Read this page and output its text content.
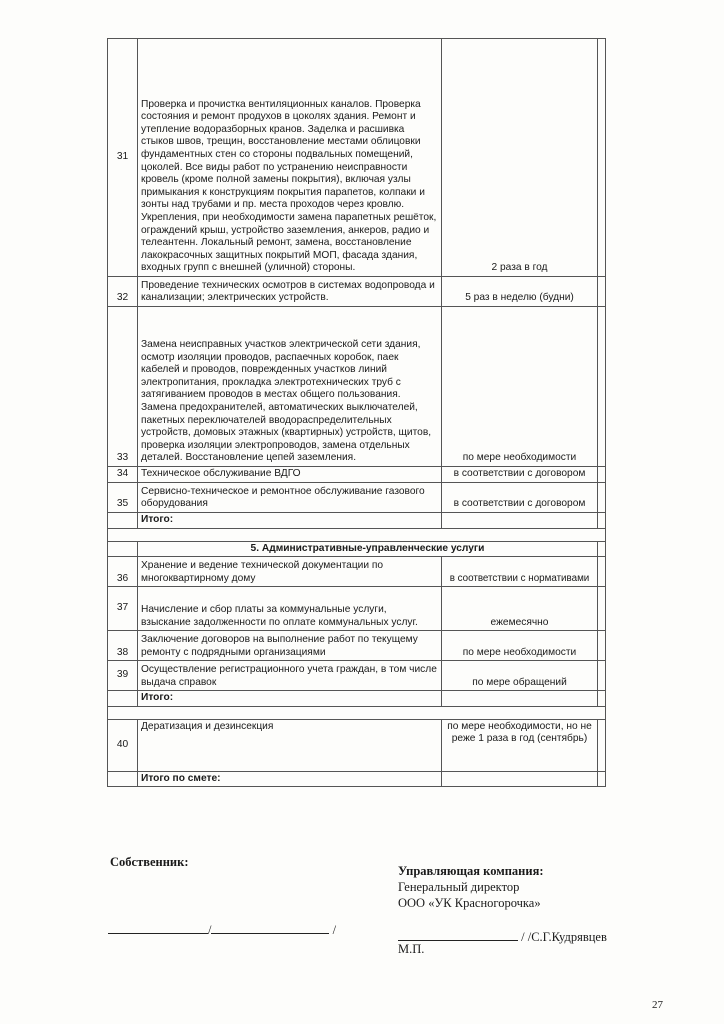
31	Проверка и прочистка вентиляционных каналов. Проверка состояния и ремонт продухов в цоколях здания. Ремонт и утепление водоразборных кранов. Заделка и расшивка стыков швов, трещин, восстановление местами облицовки фундаментных стен со стороны подвальных помещений, цоколей. Все виды работ по устранению неисправности кровель (кроме полной замены покрытия), включая узлы примыкания к конструкциям покрытия парапетов, колпаки и зонты над трубами и пр. места проходов через кровлю. Укрепления, при необходимости замена парапетных решёток, ограждений крыш, устройство заземления, анкеров, радио и телеантенн. Локальный ремонт, замена, восстановление лакокрасочных защитных покрытий МОП, фасада здания, входных групп с внешней (уличной) стороны.	2 раза в год	
32	Проведение технических осмотров в системах водопровода и канализации; электрических устройств.	5 раз в неделю (будни)	
33	Замена неисправных участков электрической сети здания, осмотр изоляции проводов, распаечных коробок, паек кабелей и проводов, поврежденных участков линий электропитания, прокладка электротехнических труб с затягиванием проводов в местах общего пользования. Замена предохранителей, автоматических выключателей, пакетных переключателей вводораспределительных устройств, домовых этажных (квартирных) устройств, щитов, проверка изоляции электропроводов, замена отдельных деталей. Восстановление цепей заземления.	по мере необходимости	
34	Техническое обслуживание ВДГО	в соответствии с договором	
35	Сервисно-техническое и ремонтное обслуживание газового оборудования	в соответствии с договором	
	Итого:		

	5. Административные-управленческие услуги		
36	Хранение и ведение технической документации по многоквартирному дому	в соответствии с нормативами	
37	Начисление и сбор платы за коммунальные услуги, взыскание задолженности по оплате коммунальных услуг.	ежемесячно	
38	Заключение договоров на выполнение работ по текущему ремонту с подрядными организациями	по мере необходимости	
39	Осуществление регистрационного учета граждан, в том числе выдача справок	по мере обращений	
	Итого:		

40	Дератизация и дезинсекция	по мере необходимости, но не реже 1 раза в год (сентябрь)	
	Итого по смете:		
Собственник:
/	/
Управляющая компания:
Генеральный директор
ООО «УК Красногорочка»
/ /С.Г.Кудрявцев
М.П.
27
